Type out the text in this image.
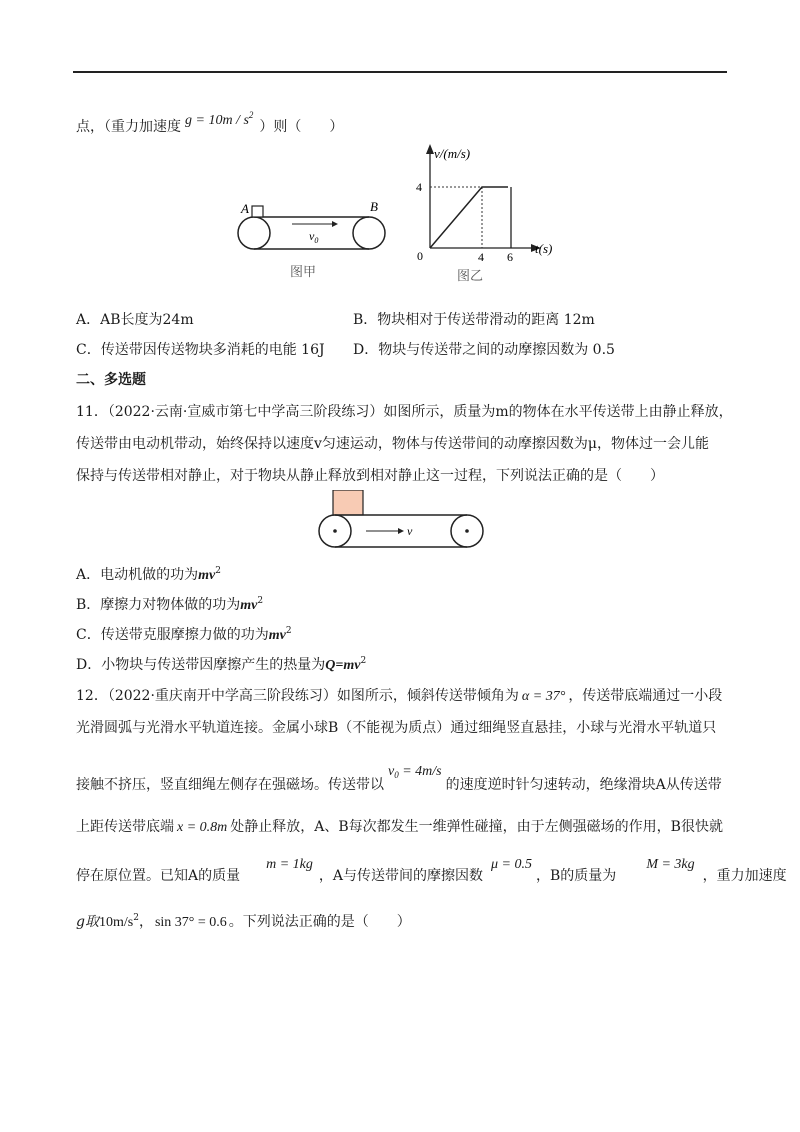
点，（重力加速度 $g = 10m / s^2$）则（　　）
A	B
$v_0$
图甲
v/(m/s)
t(s)
0
4
4 6
图乙
A．AB长度为24m	B．物块相对于传送带滑动的距离 12m
C．传送带因传送物块多消耗的电能 16J D．物块与传送带之间的动摩擦因数为 0.5
二、多选题
11．（2022·云南·宣威市第七中学高三阶段练习）如图所示，质量为m的物体在水平传送带上由静止释放，
传送带由电动机带动，始终保持以速度v匀速运动，物体与传送带间的动摩擦因数为μ，物体过一会儿能
保持与传送带相对静止，对于物块从静止释放到相对静止这一过程，下列说法正确的是（　　）
v
A．电动机做的功为$mv^2$
B．摩擦力对物体做的功为$mv^2$
C．传送带克服摩擦力做的功为$mv^2$
D．小物块与传送带因摩擦产生的热量为$Q=mv^2$
12．（2022·重庆南开中学高三阶段练习）如图所示，倾斜传送带倾角为 α = 37° ，传送带底端通过一小段
光滑圆弧与光滑水平轨道连接。金属小球B（不能视为质点）通过细绳竖直悬挂，小球与光滑水平轨道只
接触不挤压，竖直细绳左侧存在强磁场。传送带以$v_0 = 4m/s$的速度逆时针匀速转动，绝缘滑块A从传送带
上距传送带底端 x = 0.8m 处静止释放，A、B每次都发生一维弹性碰撞，由于左侧强磁场的作用，B很快就
停在原位置。已知A的质量m = 1kg，A与传送带间的摩擦因数μ = 0.5，B的质量为M = 3kg，重力加速度
g取$10m/s^2$， sin 37° = 0.6 。下列说法正确的是（　　）
